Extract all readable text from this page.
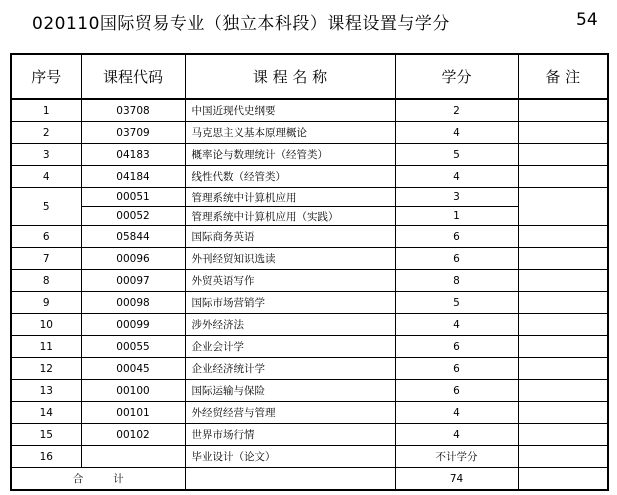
020110国际贸易专业（独立本科段）课程设置与学分	54
序号	课程代码	课 程 名 称	学分	备 注
1	03708	中国近现代史纲要	2	
2	03709	马克思主义基本原理概论	4	
3	04183	概率论与数理统计（经管类）	5	
4	04184	线性代数（经管类）	4	
5	00051	管理系统中计算机应用	3	
	00052	管理系统中计算机应用（实践）	1	
6	05844	国际商务英语	6	
7	00096	外刊经贸知识选读	6	
8	00097	外贸英语写作	8	
9	00098	国际市场营销学	5	
10	00099	涉外经济法	4	
11	00055	企业会计学	6	
12	00045	企业经济统计学	6	
13	00100	国际运输与保险	6	
14	00101	外经贸经营与管理	4	
15	00102	世界市场行情	4	
16		毕业设计（论文）	不计学分	
合计			74	
